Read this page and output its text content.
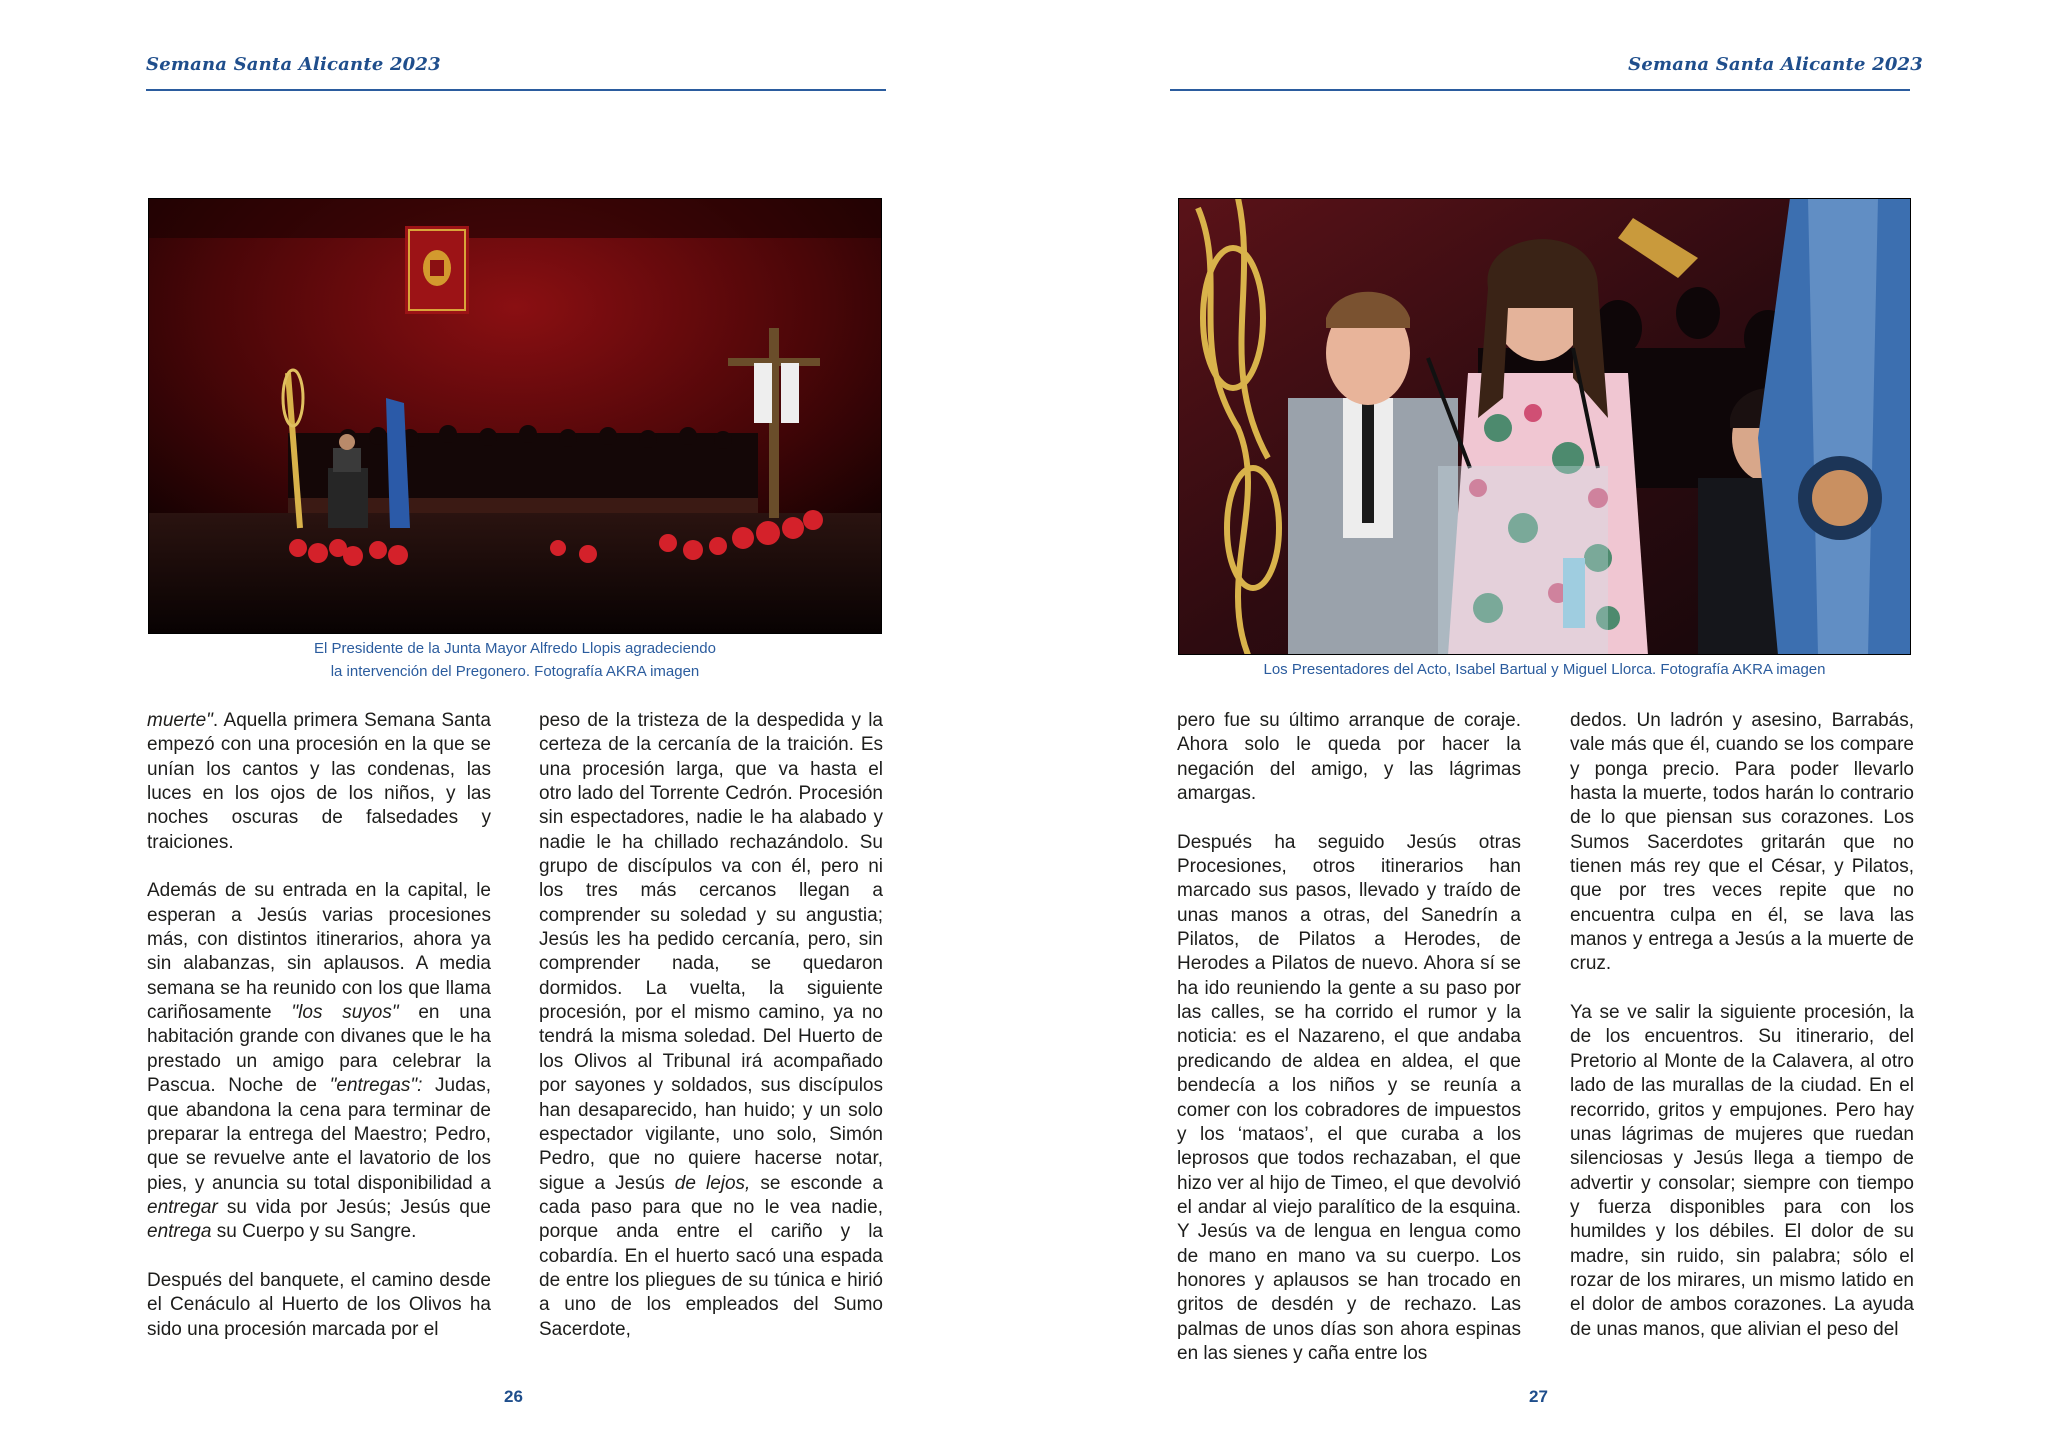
Semana Santa Alicante 2023
El Presidente de la Junta Mayor Alfredo Llopis agradeciendo
la intervención del Pregonero. Fotografía AKRA imagen

muerte". Aquella primera Semana Santa empezó con una procesión en la que se unían los cantos y las condenas, las luces en los ojos de los niños, y las noches oscuras de falsedades y traiciones.

Además de su entrada en la capital, le esperan a Jesús varias procesiones más, con distintos itinerarios, ahora ya sin alabanzas, sin aplausos. A media semana se ha reunido con los que llama cariñosamente "los suyos" en una habitación grande con divanes que le ha prestado un amigo para celebrar la Pascua. Noche de "entregas": Judas, que abandona la cena para terminar de preparar la entrega del Maestro; Pedro, que se revuelve ante el lavatorio de los pies, y anuncia su total disponibilidad a entregar su vida por Jesús; Jesús que entrega su Cuerpo y su Sangre.

Después del banquete, el camino desde el Cenáculo al Huerto de los Olivos ha sido una procesión marcada por el

peso de la tristeza de la despedida y la certeza de la cercanía de la traición. Es una procesión larga, que va hasta el otro lado del Torrente Cedrón. Procesión sin espectadores, nadie le ha alabado y nadie le ha chillado rechazándolo. Su grupo de discípulos va con él, pero ni los tres más cercanos llegan a comprender su soledad y su angustia; Jesús les ha pedido cercanía, pero, sin comprender nada, se quedaron dormidos. La vuelta, la siguiente procesión, por el mismo camino, ya no tendrá la misma soledad. Del Huerto de los Olivos al Tribunal irá acompañado por sayones y soldados, sus discípulos han desaparecido, han huido; y un solo espectador vigilante, uno solo, Simón Pedro, que no quiere hacerse notar, sigue a Jesús de lejos, se esconde a cada paso para que no le vea nadie, porque anda entre el cariño y la cobardía. En el huerto sacó una espada de entre los pliegues de su túnica e hirió a uno de los empleados del Sumo Sacerdote,

26
Semana Santa Alicante 2023
Los Presentadores del Acto, Isabel Bartual y Miguel Llorca. Fotografía AKRA imagen

pero fue su último arranque de coraje. Ahora solo le queda por hacer la negación del amigo, y las lágrimas amargas.

Después ha seguido Jesús otras Procesiones, otros itinerarios han marcado sus pasos, llevado y traído de unas manos a otras, del Sanedrín a Pilatos, de Pilatos a Herodes, de Herodes a Pilatos de nuevo. Ahora sí se ha ido reuniendo la gente a su paso por las calles, se ha corrido el rumor y la noticia: es el Nazareno, el que andaba predicando de aldea en aldea, el que bendecía a los niños y se reunía a comer con los cobradores de impuestos y los ‘mataos’, el que curaba a los leprosos que todos rechazaban, el que hizo ver al hijo de Timeo, el que devolvió el andar al viejo paralítico de la esquina. Y Jesús va de lengua en lengua como de mano en mano va su cuerpo. Los honores y aplausos se han trocado en gritos de desdén y de rechazo. Las palmas de unos días son ahora espinas en las sienes y caña entre los

dedos. Un ladrón y asesino, Barrabás, vale más que él, cuando se los compare y ponga precio. Para poder llevarlo hasta la muerte, todos harán lo contrario de lo que piensan sus corazones. Los Sumos Sacerdotes gritarán que no tienen más rey que el César, y Pilatos, que por tres veces repite que no encuentra culpa en él, se lava las manos y entrega a Jesús a la muerte de cruz.

Ya se ve salir la siguiente procesión, la de los encuentros. Su itinerario, del Pretorio al Monte de la Calavera, al otro lado de las murallas de la ciudad. En el recorrido, gritos y empujones. Pero hay unas lágrimas de mujeres que ruedan silenciosas y Jesús llega a tiempo de advertir y consolar; siempre con tiempo y fuerza disponibles para con los humildes y los débiles. El dolor de su madre, sin ruido, sin palabra; sólo el rozar de los mirares, un mismo latido en el dolor de ambos corazones. La ayuda de unas manos, que alivian el peso del

27
